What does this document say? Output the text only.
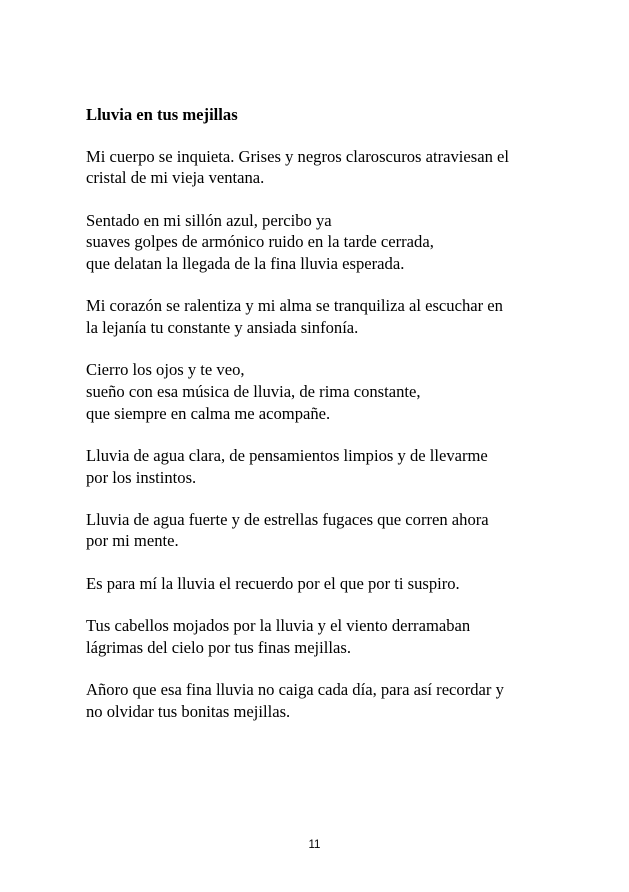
Lluvia en tus mejillas
Mi cuerpo se inquieta. Grises y negros claroscuros atraviesan el
cristal de mi vieja ventana.
Sentado en mi sillón azul, percibo ya
suaves golpes de armónico ruido en la tarde cerrada,
que delatan la llegada de la fina lluvia esperada.
Mi corazón se ralentiza y mi alma se tranquiliza al escuchar en
la lejanía tu constante y ansiada sinfonía.
Cierro los ojos y te veo,
sueño con esa música de lluvia, de rima constante,
que siempre en calma me acompañe.
Lluvia de agua clara, de pensamientos limpios y de llevarme
por los instintos.
Lluvia de agua fuerte y de estrellas fugaces que corren ahora
por mi mente.
Es para mí la lluvia el recuerdo por el que por ti suspiro.
Tus cabellos mojados por la lluvia y el viento derramaban
lágrimas del cielo por tus finas mejillas.
Añoro que esa fina lluvia no caiga cada día, para así recordar y
no olvidar tus bonitas mejillas.
11
